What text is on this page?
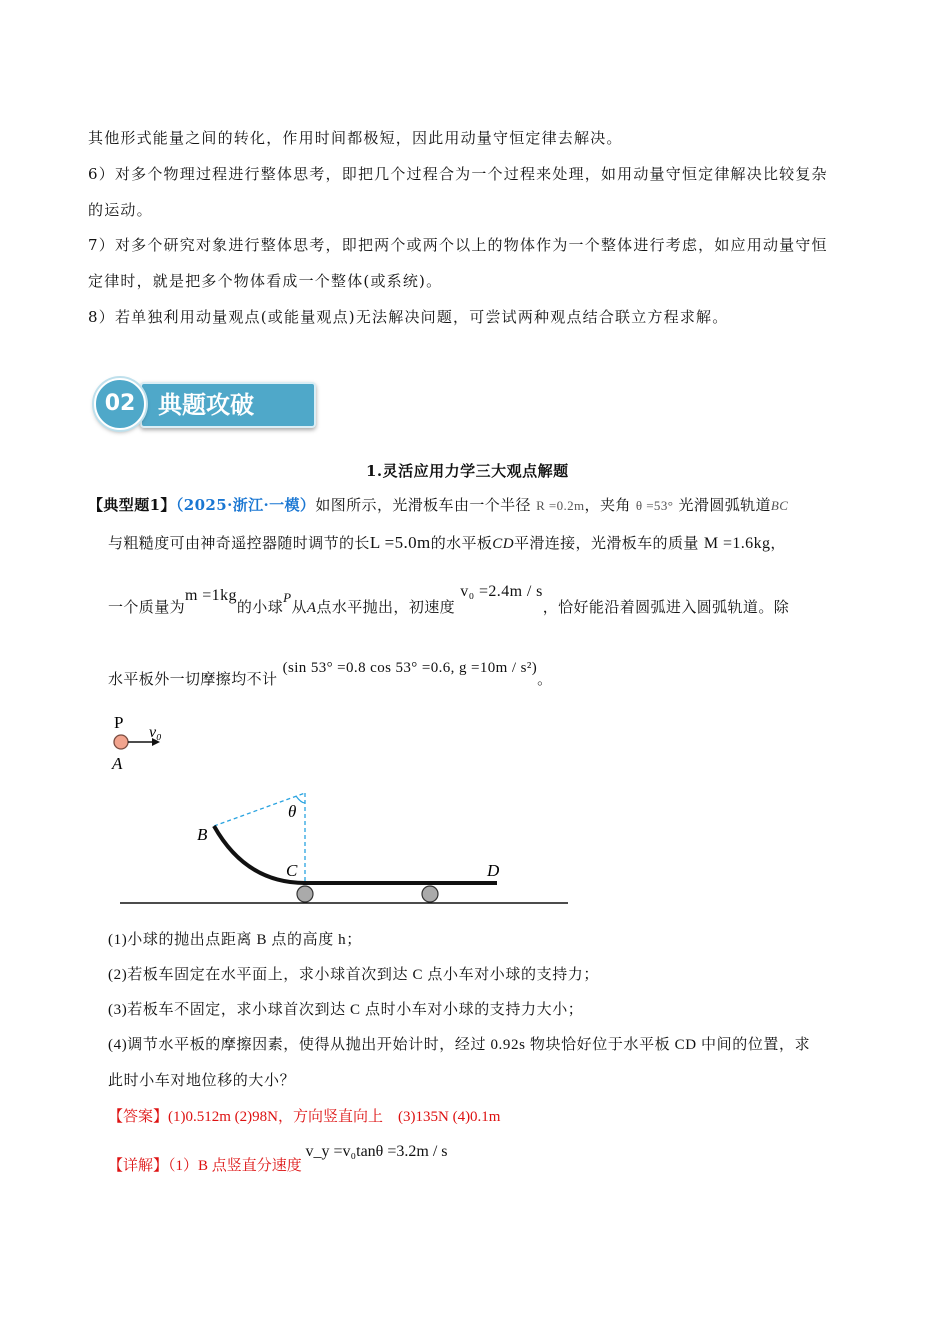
其他形式能量之间的转化，作用时间都极短，因此用动量守恒定律去解决。
6）对多个物理过程进行整体思考，即把几个过程合为一个过程来处理，如用动量守恒定律解决比较复杂
的运动。
7）对多个研究对象进行整体思考，即把两个或两个以上的物体作为一个整体进行考虑，如应用动量守恒
定律时，就是把多个物体看成一个整体(或系统)。
8）若单独利用动量观点(或能量观点)无法解决问题，可尝试两种观点结合联立方程求解。
典题攻破
02
1.灵活应用力学三大观点解题
【典型题1】（2025·浙江·一模）如图所示，光滑板车由一个半径 R =0.2m，夹角 θ =53° 光滑圆弧轨道BC
与粗糙度可由神奇遥控器随时调节的长L =5.0m的水平板CD平滑连接，光滑板车的质量 M =1.6kg，
一个质量为m =1kg的小球P从A点水平抛出，初速度 v₀ =2.4m / s，恰好能沿着圆弧进入圆弧轨道。除
水平板外一切摩擦均不计 (sin 53° =0.8 cos 53° =0.6, g =10m / s²)。
P
v₀
A
θ
B
C	D
(1)小球的抛出点距离 B 点的高度 h；
(2)若板车固定在水平面上，求小球首次到达 C 点小车对小球的支持力；
(3)若板车不固定，求小球首次到达 C 点时小车对小球的支持力大小；
(4)调节水平板的摩擦因素，使得从抛出开始计时，经过 0.92s 物块恰好位于水平板 CD 中间的位置，求
此时小车对地位移的大小？
【答案】(1)0.512m (2)98N，方向竖直向上　(3)135N (4)0.1m
【详解】（1）B 点竖直分速度 v_y =v₀tanθ =3.2m / s
